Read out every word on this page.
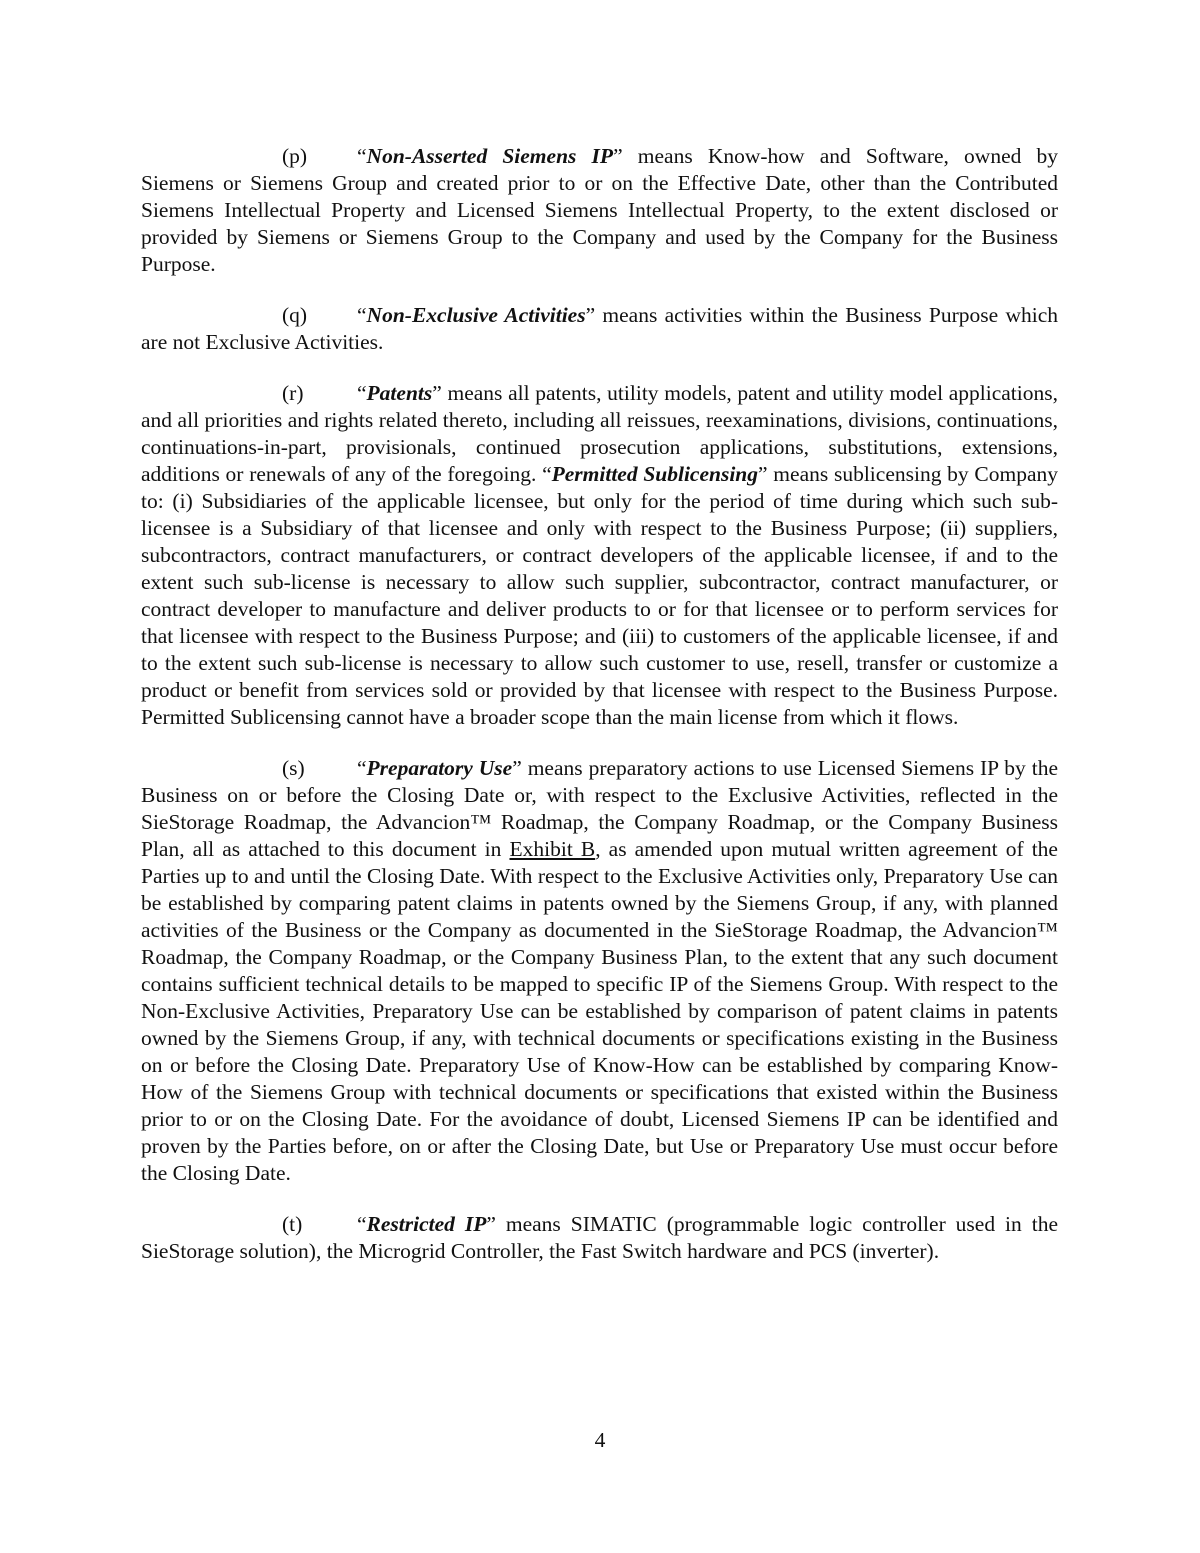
(p) “Non-Asserted Siemens IP” means Know-how and Software, owned by Siemens or Siemens Group and created prior to or on the Effective Date, other than the Contributed Siemens Intellectual Property and Licensed Siemens Intellectual Property, to the extent disclosed or provided by Siemens or Siemens Group to the Company and used by the Company for the Business Purpose.

(q) “Non-Exclusive Activities” means activities within the Business Purpose which are not Exclusive Activities.

(r) “Patents” means all patents, utility models, patent and utility model applications, and all priorities and rights related thereto, including all reissues, reexaminations, divisions, continuations, continuations-in-part, provisionals, continued prosecution applications, substitutions, extensions, additions or renewals of any of the foregoing. “Permitted Sublicensing” means sublicensing by Company to: (i) Subsidiaries of the applicable licensee, but only for the period of time during which such sub-licensee is a Subsidiary of that licensee and only with respect to the Business Purpose; (ii) suppliers, subcontractors, contract manufacturers, or contract developers of the applicable licensee, if and to the extent such sub-license is necessary to allow such supplier, subcontractor, contract manufacturer, or contract developer to manufacture and deliver products to or for that licensee or to perform services for that licensee with respect to the Business Purpose; and (iii) to customers of the applicable licensee, if and to the extent such sub-license is necessary to allow such customer to use, resell, transfer or customize a product or benefit from services sold or provided by that licensee with respect to the Business Purpose. Permitted Sublicensing cannot have a broader scope than the main license from which it flows.

(s) “Preparatory Use” means preparatory actions to use Licensed Siemens IP by the Business on or before the Closing Date or, with respect to the Exclusive Activities, reflected in the SieStorage Roadmap, the Advancion™ Roadmap, the Company Roadmap, or the Company Business Plan, all as attached to this document in Exhibit B, as amended upon mutual written agreement of the Parties up to and until the Closing Date. With respect to the Exclusive Activities only, Preparatory Use can be established by comparing patent claims in patents owned by the Siemens Group, if any, with planned activities of the Business or the Company as documented in the SieStorage Roadmap, the Advancion™ Roadmap, the Company Roadmap, or the Company Business Plan, to the extent that any such document contains sufficient technical details to be mapped to specific IP of the Siemens Group. With respect to the Non-Exclusive Activities, Preparatory Use can be established by comparison of patent claims in patents owned by the Siemens Group, if any, with technical documents or specifications existing in the Business on or before the Closing Date. Preparatory Use of Know-How can be established by comparing Know-How of the Siemens Group with technical documents or specifications that existed within the Business prior to or on the Closing Date. For the avoidance of doubt, Licensed Siemens IP can be identified and proven by the Parties before, on or after the Closing Date, but Use or Preparatory Use must occur before the Closing Date.

(t)	“Restricted IP” means SIMATIC (programmable logic controller used in the SieStorage solution), the Microgrid Controller, the Fast Switch hardware and PCS (inverter).

4
